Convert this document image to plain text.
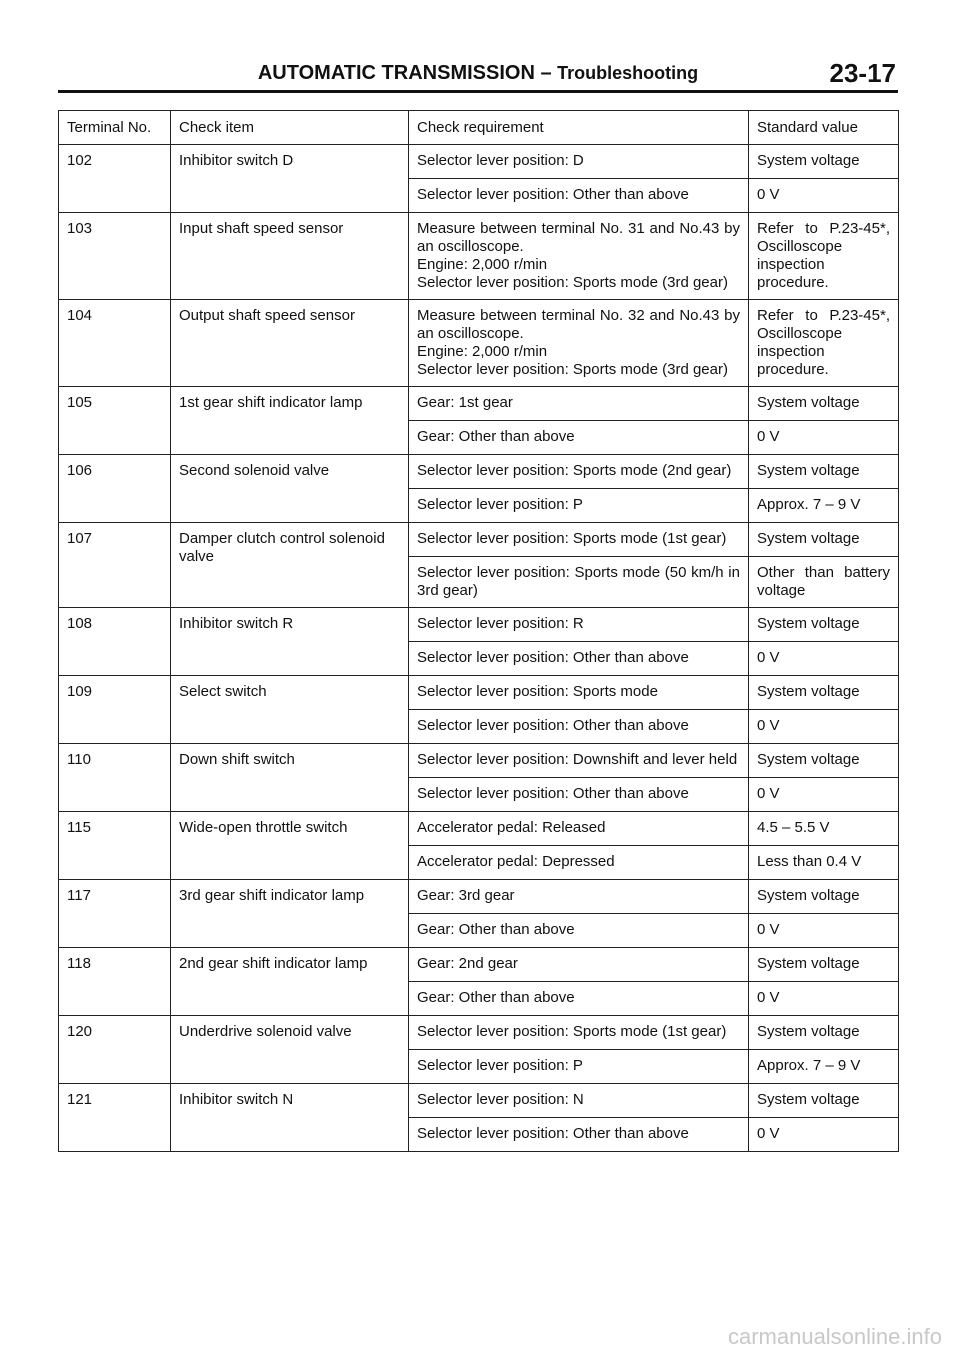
AUTOMATIC TRANSMISSION – Troubleshooting	23-17
Terminal No.	Check item	Check requirement	Standard value
102	Inhibitor switch D	Selector lever position: D	System voltage
		Selector lever position: Other than above	0 V
103	Input shaft speed sensor	Measure between terminal No. 31 and No.43 by an oscilloscope.
Engine: 2,000 r/min
Selector lever position: Sports mode (3rd gear)	Refer to P.23-45*, Oscilloscope inspection procedure.
104	Output shaft speed sensor	Measure between terminal No. 32 and No.43 by an oscilloscope.
Engine: 2,000 r/min
Selector lever position: Sports mode (3rd gear)	Refer to P.23-45*, Oscilloscope inspection procedure.
105	1st gear shift indicator lamp	Gear: 1st gear	System voltage
		Gear: Other than above	0 V
106	Second solenoid valve	Selector lever position: Sports mode (2nd gear)	System voltage
		Selector lever position: P	Approx. 7 – 9 V
107	Damper clutch control solenoid valve	Selector lever position: Sports mode (1st gear)	System voltage
		Selector lever position: Sports mode (50 km/h in 3rd gear)	Other than battery voltage
108	Inhibitor switch R	Selector lever position: R	System voltage
		Selector lever position: Other than above	0 V
109	Select switch	Selector lever position: Sports mode	System voltage
		Selector lever position: Other than above	0 V
110	Down shift switch	Selector lever position: Downshift and lever held	System voltage
		Selector lever position: Other than above	0 V
115	Wide-open throttle switch	Accelerator pedal: Released	4.5 – 5.5 V
		Accelerator pedal: Depressed	Less than 0.4 V
117	3rd gear shift indicator lamp	Gear: 3rd gear	System voltage
		Gear: Other than above	0 V
118	2nd gear shift indicator lamp	Gear: 2nd gear	System voltage
		Gear: Other than above	0 V
120	Underdrive solenoid valve	Selector lever position: Sports mode (1st gear)	System voltage
		Selector lever position: P	Approx. 7 – 9 V
121	Inhibitor switch N	Selector lever position: N	System voltage
		Selector lever position: Other than above	0 V
carmanualsonline.info
